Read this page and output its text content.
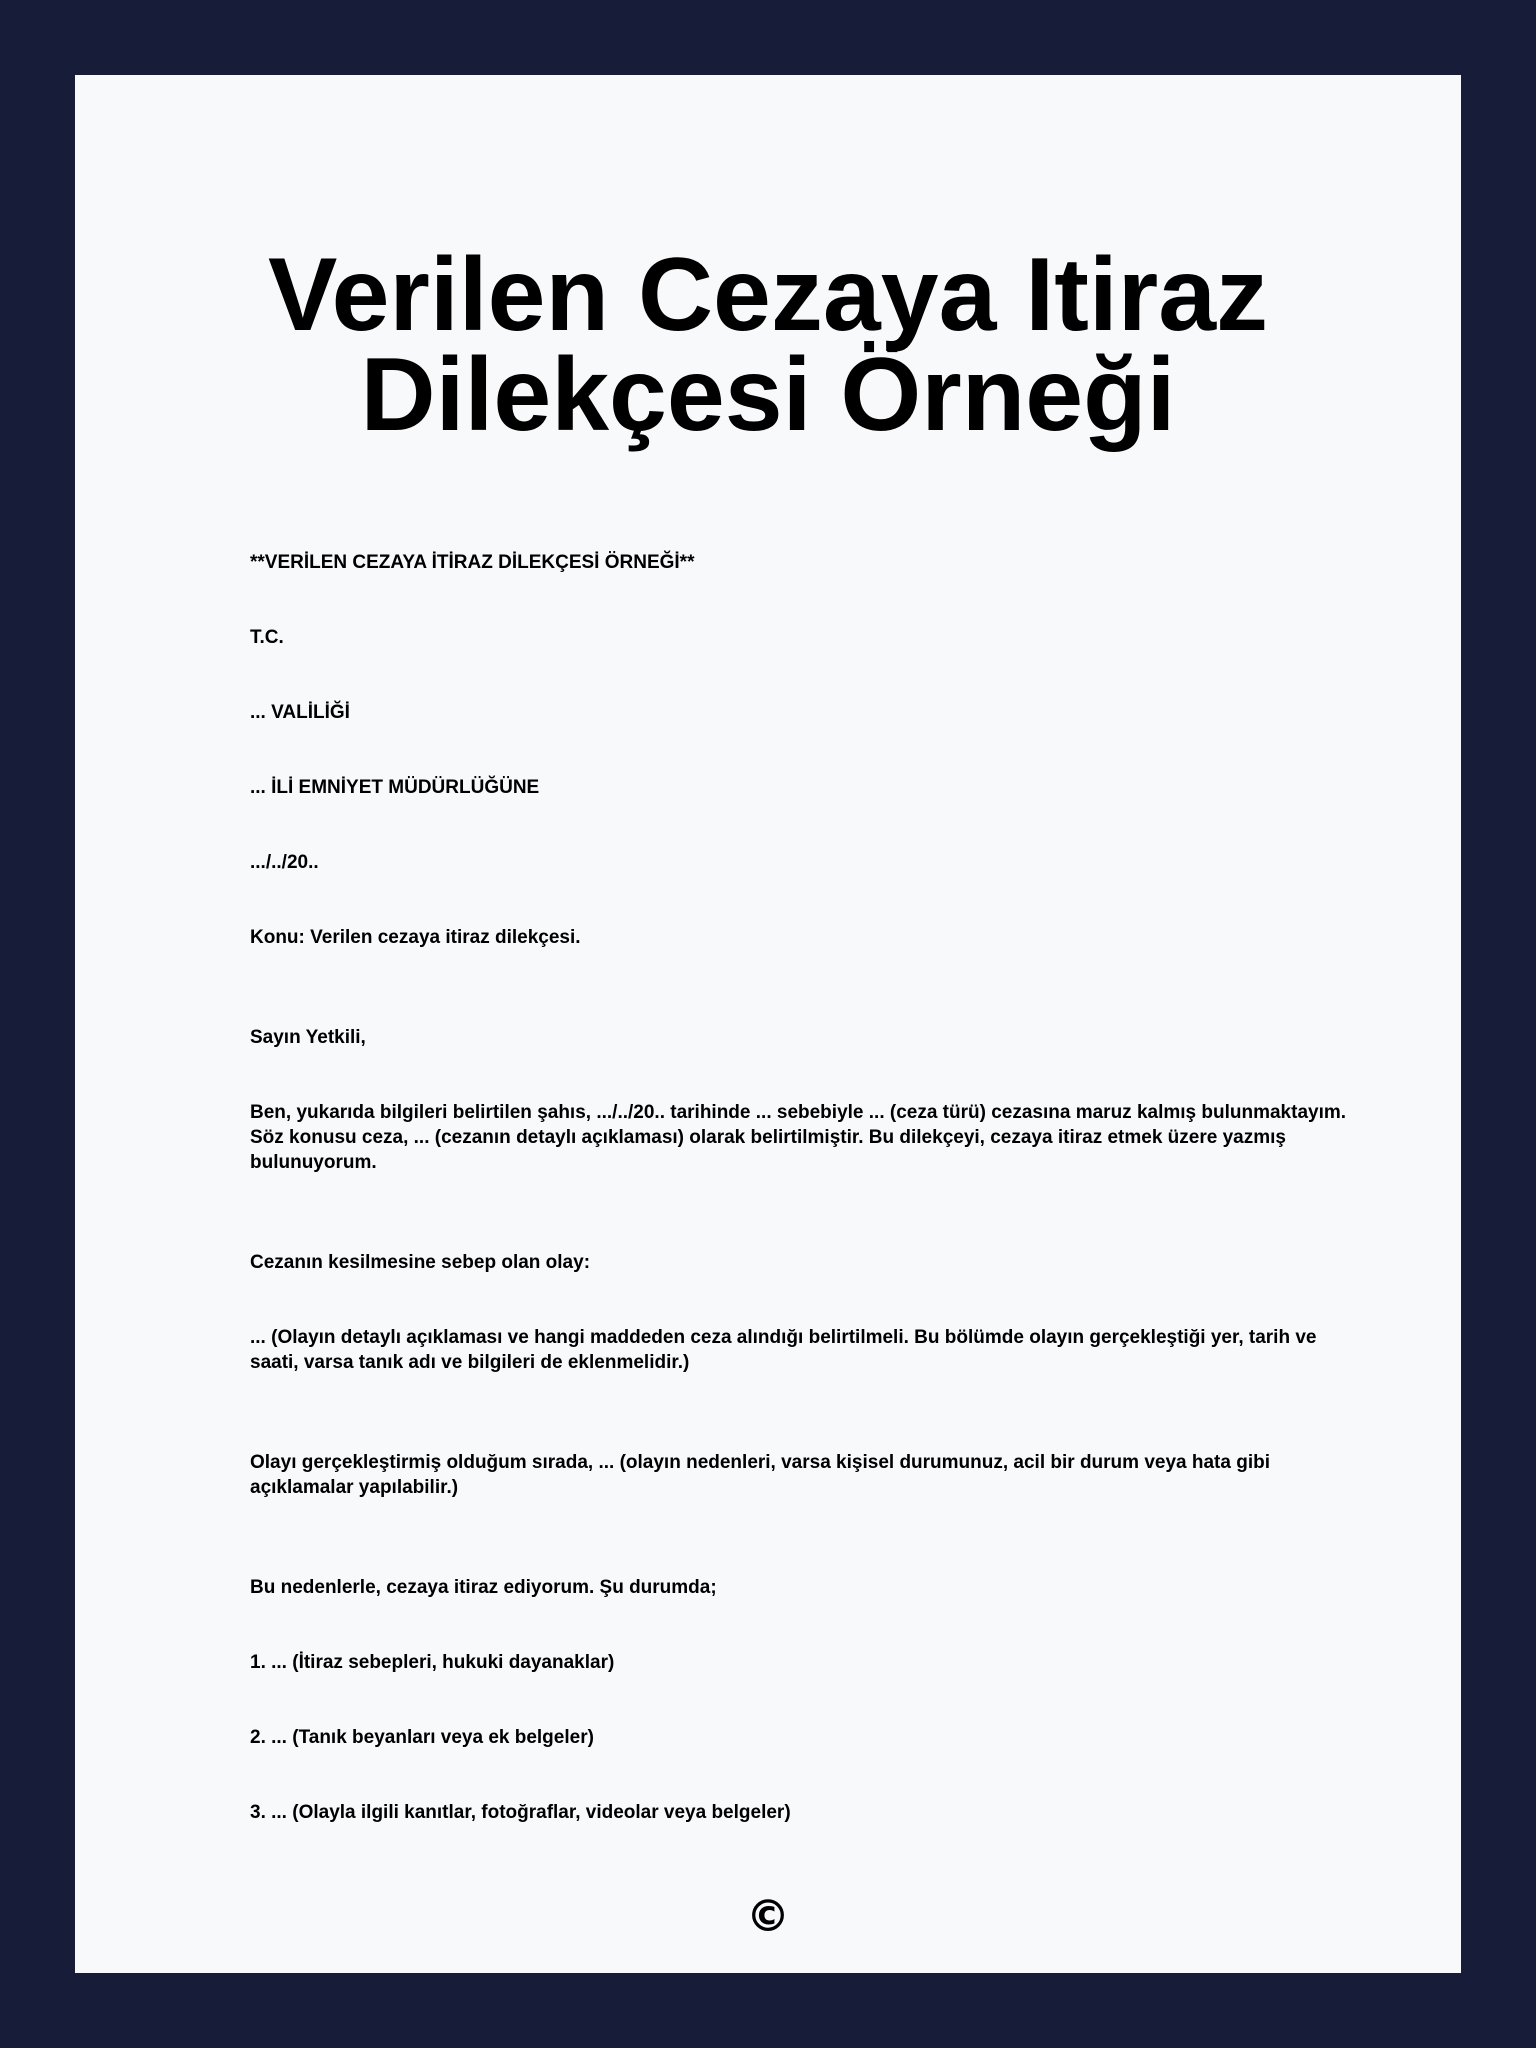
Verilen Cezaya Itiraz
Dilekçesi Örneği

**VERİLEN CEZAYA İTİRAZ DİLEKÇESİ ÖRNEĞİ**

T.C.

... VALİLİĞİ

... İLİ EMNİYET MÜDÜRLÜĞÜNE

.../../20..

Konu: Verilen cezaya itiraz dilekçesi.

Sayın Yetkili,

Ben, yukarıda bilgileri belirtilen şahıs, .../../20.. tarihinde ... sebebiyle ... (ceza türü) cezasına maruz kalmış bulunmaktayım. Söz konusu ceza, ... (cezanın detaylı açıklaması) olarak belirtilmiştir. Bu dilekçeyi, cezaya itiraz etmek üzere yazmış bulunuyorum.

Cezanın kesilmesine sebep olan olay:

... (Olayın detaylı açıklaması ve hangi maddeden ceza alındığı belirtilmeli. Bu bölümde olayın gerçekleştiği yer, tarih ve saati, varsa tanık adı ve bilgileri de eklenmelidir.)

Olayı gerçekleştirmiş olduğum sırada, ... (olayın nedenleri, varsa kişisel durumunuz, acil bir durum veya hata gibi açıklamalar yapılabilir.)

Bu nedenlerle, cezaya itiraz ediyorum. Şu durumda;

1. ... (İtiraz sebepleri, hukuki dayanaklar)

2. ... (Tanık beyanları veya ek belgeler)

3. ... (Olayla ilgili kanıtlar, fotoğraflar, videolar veya belgeler)

©
